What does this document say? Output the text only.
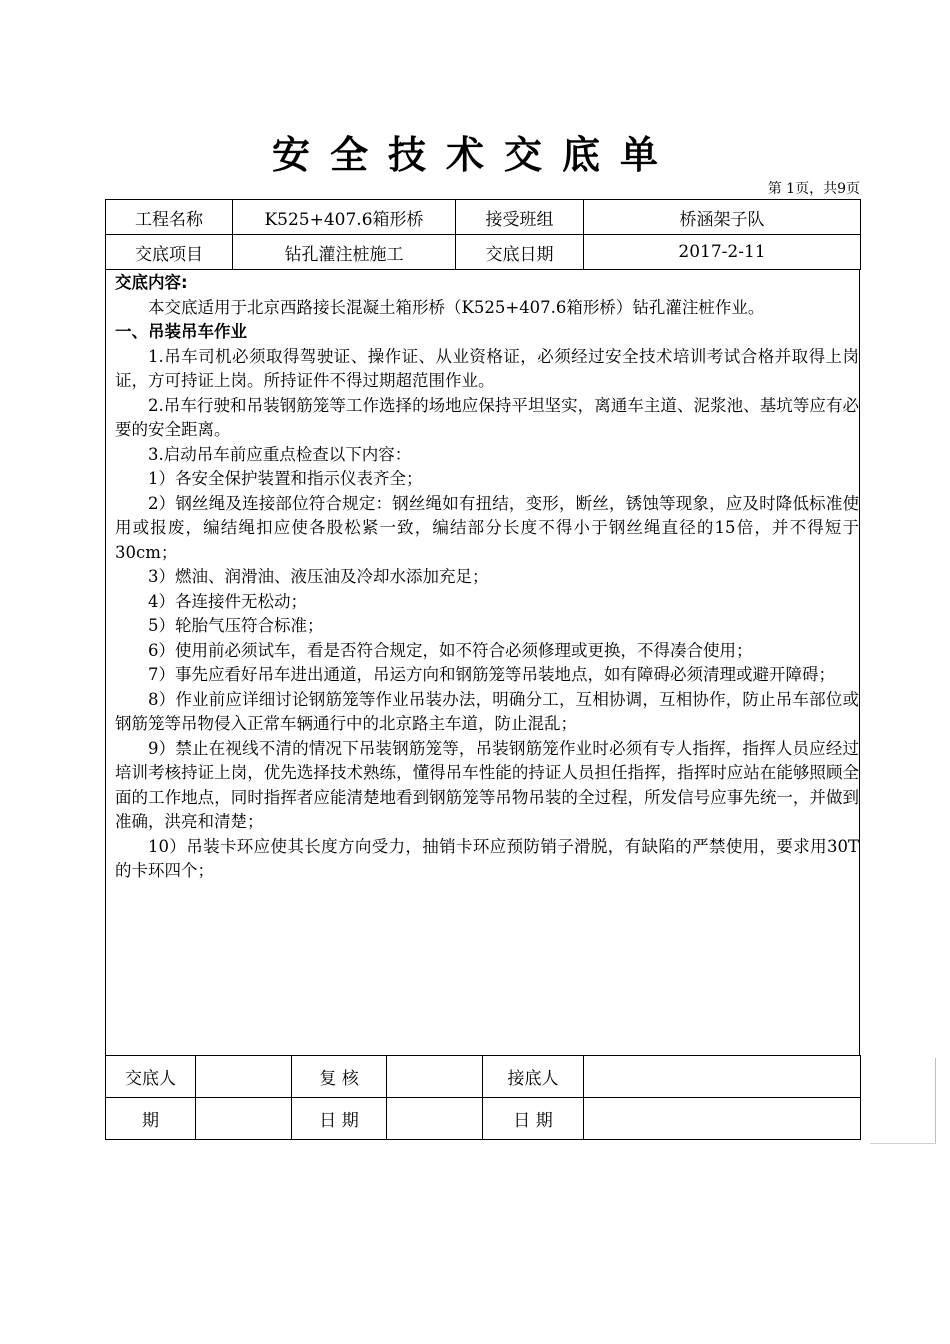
安全技术交底单
第 1页，共9页
工程名称	K525+407.6箱形桥	接受班组	桥涵架子队
交底项目	钻孔灌注桩施工	交底日期	2017-2-11
交底内容:

本交底适用于北京西路接长混凝土箱形桥（K525+407.6箱形桥）钻孔灌注桩作业。

一、吊装吊车作业

1.吊车司机必须取得驾驶证、操作证、从业资格证，必须经过安全技术培训考试合格并取得上岗证，方可持证上岗。所持证件不得过期超范围作业。

2.吊车行驶和吊装钢筋笼等工作选择的场地应保持平坦坚实，离通车主道、泥浆池、基坑等应有必要的安全距离。

3.启动吊车前应重点检查以下内容：

1）各安全保护装置和指示仪表齐全；

2）钢丝绳及连接部位符合规定：钢丝绳如有扭结，变形，断丝，锈蚀等现象，应及时降低标准使用或报废，编结绳扣应使各股松紧一致，编结部分长度不得小于钢丝绳直径的15倍，并不得短于30cm；

3）燃油、润滑油、液压油及冷却水添加充足；

4）各连接件无松动；

5）轮胎气压符合标准；

6）使用前必须试车，看是否符合规定，如不符合必须修理或更换，不得凑合使用；

7）事先应看好吊车进出通道，吊运方向和钢筋笼等吊装地点，如有障碍必须清理或避开障碍；

8）作业前应详细讨论钢筋笼等作业吊装办法，明确分工，互相协调，互相协作，防止吊车部位或钢筋笼等吊物侵入正常车辆通行中的北京路主车道，防止混乱；

9）禁止在视线不清的情况下吊装钢筋笼等，吊装钢筋笼作业时必须有专人指挥，指挥人员应经过培训考核持证上岗，优先选择技术熟练，懂得吊车性能的持证人员担任指挥，指挥时应站在能够照顾全面的工作地点，同时指挥者应能清楚地看到钢筋笼等吊物吊装的全过程，所发信号应事先统一，并做到准确，洪亮和清楚；

10）吊装卡环应使其长度方向受力，抽销卡环应预防销子滑脱，有缺陷的严禁使用，要求用30T的卡环四个；

交底人		复 核		接底人	
期		日 期		日 期	
